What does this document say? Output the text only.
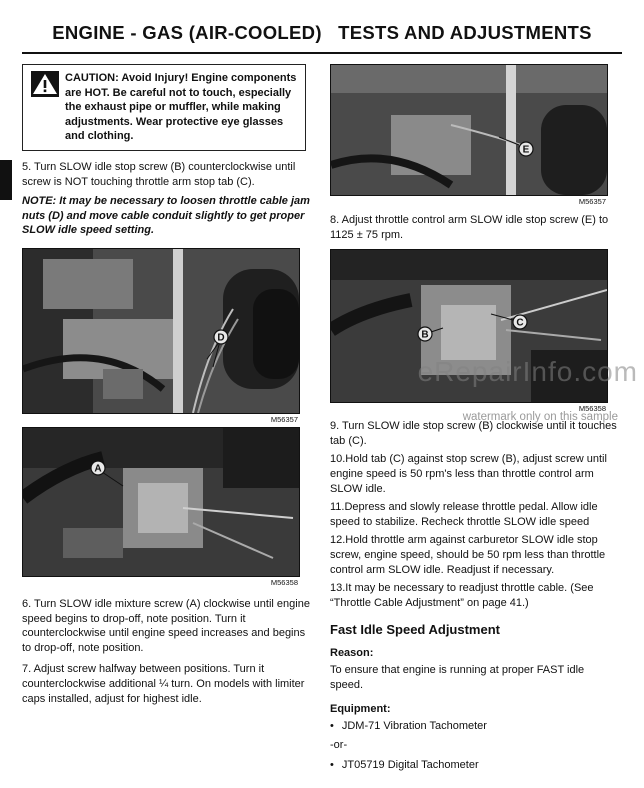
ENGINE - GAS (AIR-COOLED)   TESTS AND ADJUSTMENTS
CAUTION: Avoid Injury! Engine components are HOT. Be careful not to touch, especially the exhaust pipe or muffler, while making adjustments. Wear protective eye glasses and clothing.

5. Turn SLOW idle stop screw (B) counterclockwise until screw is NOT touching throttle arm stop tab (C).

NOTE: It may be necessary to loosen throttle cable jam nuts (D) and move cable conduit slightly to get proper SLOW idle speed setting.

D
M56357
A
M56358

6. Turn SLOW idle mixture screw (A) clockwise until engine speed begins to drop-off, note position. Turn it counterclockwise until engine speed increases and begins to drop-off, note position.

7. Adjust screw halfway between positions. Turn it counterclockwise additional ¼ turn. On models with limiter caps installed, adjust for highest idle.

E
M56357

8. Adjust throttle control arm SLOW idle stop screw (E) to 1125 ± 75 rpm.

B
C
M56358

9. Turn SLOW idle stop screw (B) clockwise until it touches tab (C).

10.Hold tab (C) against stop screw (B), adjust screw until engine speed is 50 rpm's less than throttle control arm SLOW idle.

11.Depress and slowly release throttle pedal. Allow idle speed to stabilize. Recheck throttle SLOW idle speed

12.Hold throttle arm against carburetor SLOW idle stop screw, engine speed, should be 50 rpm less than throttle control arm SLOW idle. Readjust if necessary.

13.It may be necessary to readjust throttle cable. (See “Throttle Cable Adjustment” on page 41.)

Fast Idle Speed Adjustment
Reason:

To ensure that engine is running at proper FAST idle speed.

Equipment:
• JDM-71 Vibration Tachometer

-or-

• JT05719 Digital Tachometer
eRepairInfo.com
watermark only on this sample
